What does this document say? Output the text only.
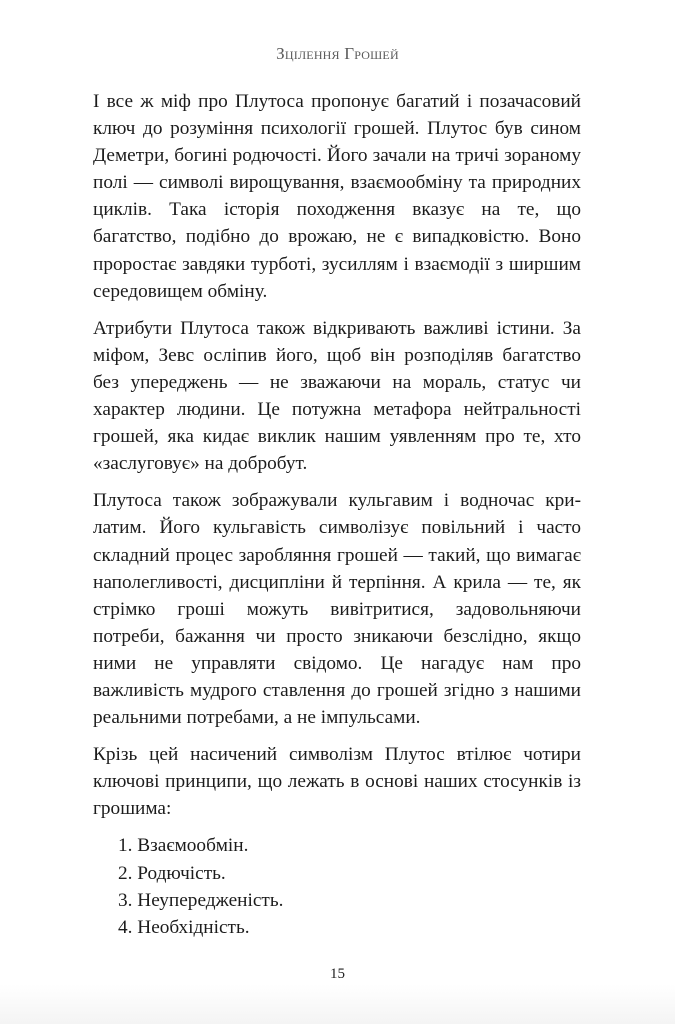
Зцілення Грошей

І все ж міф про Плутоса пропонує багатий і позачасовий ключ до розуміння психології грошей. Плутос був сином Деметри, богині родючості. Його зачали на тричі зораному полі — символі вирощування, взаємообміну та природних циклів. Така історія походження вказує на те, що багатство, подібно до врожаю, не є випадковістю. Воно проростає завдяки турботі, зусиллям і взаємодії з ширшим середовищем обміну.

Атрибути Плутоса також відкривають важливі істини. За міфом, Зевс осліпив його, щоб він розподіляв багатство без упереджень — не зважаючи на мораль, статус чи характер людини. Це потужна метафора нейтральності грошей, яка кидає виклик нашим уявленням про те, хто «заслуговує» на добробут.

Плутоса також зображували кульгавим і водночас крилатим. Його кульгавість символізує повільний і часто складний процес заробляння грошей — такий, що вимагає наполегливості, дисципліни й терпіння. А крила — те, як стрімко гроші можуть вивітритися, задовольняючи потреби, бажання чи просто зникаючи безслідно, якщо ними не управляти свідомо. Це нагадує нам про важливість мудрого ставлення до грошей згідно з нашими реальними потребами, а не імпульсами.

Крізь цей насичений символізм Плутос втілює чотири ключові принципи, що лежать в основі наших стосунків із грошима:

1. Взаємообмін.
2. Родючість.
3. Неупередженість.
4. Необхідність.
15
